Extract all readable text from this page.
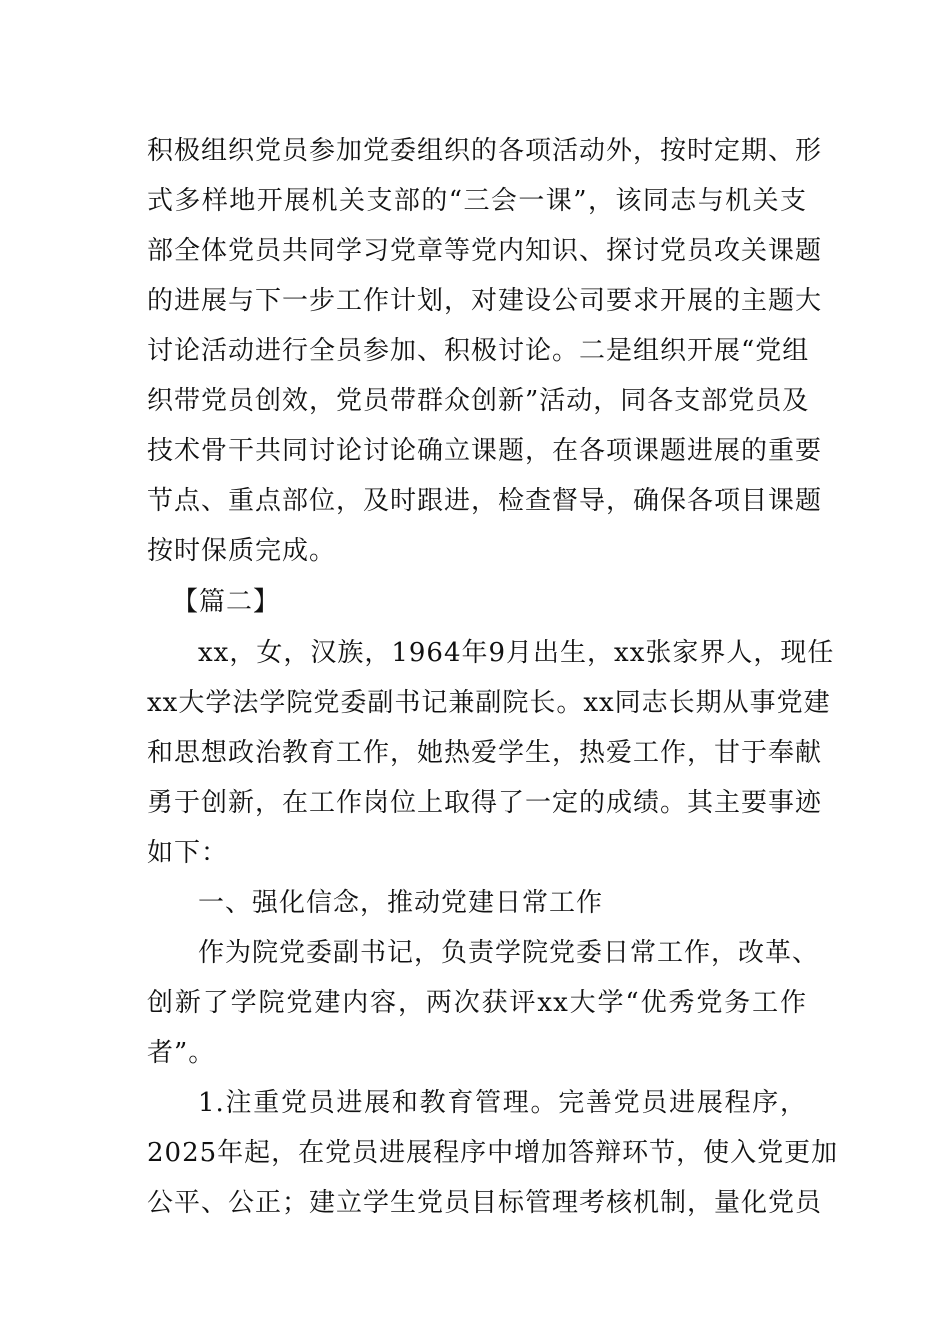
积极组织党员参加党委组织的各项活动外，按时定期、形
式多样地开展机关支部的“三会一课”，该同志与机关支
部全体党员共同学习党章等党内知识、探讨党员攻关课题
的进展与下一步工作计划，对建设公司要求开展的主题大
讨论活动进行全员参加、积极讨论。二是组织开展“党组
织带党员创效，党员带群众创新”活动，同各支部党员及
技术骨干共同讨论讨论确立课题，在各项课题进展的重要
节点、重点部位，及时跟进，检查督导，确保各项目课题
按时保质完成。
【篇二】
xx，女，汉族，1964年9月出生，xx张家界人，现任
xx大学法学院党委副书记兼副院长。xx同志长期从事党建
和思想政治教育工作，她热爱学生，热爱工作，甘于奉献
勇于创新，在工作岗位上取得了一定的成绩。其主要事迹
如下：
一、强化信念，推动党建日常工作
作为院党委副书记，负责学院党委日常工作，改革、
创新了学院党建内容，两次获评xx大学“优秀党务工作
者”。
1.注重党员进展和教育管理。完善党员进展程序，
2025年起，在党员进展程序中增加答辩环节，使入党更加
公平、公正；建立学生党员目标管理考核机制，量化党员
